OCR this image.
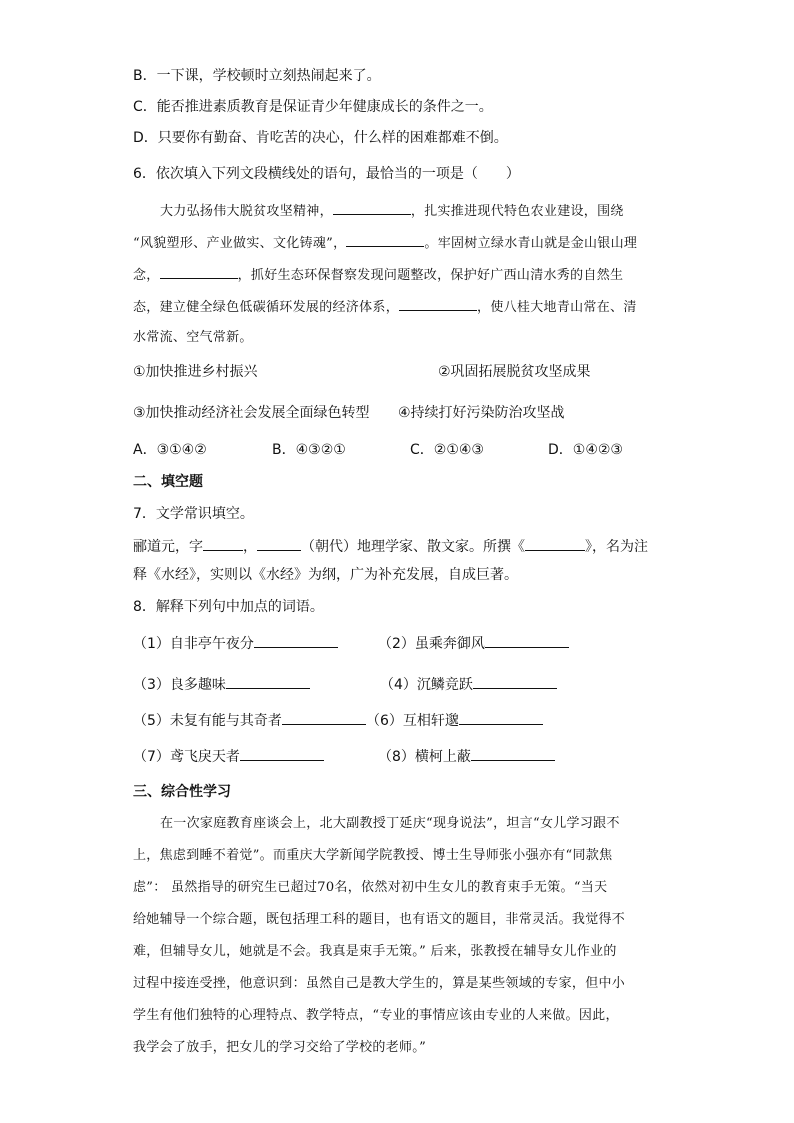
B．一下课，学校顿时立刻热闹起来了。
C．能否推进素质教育是保证青少年健康成长的条件之一。
D．只要你有勤奋、肯吃苦的决心，什么样的困难都难不倒。
6．依次填入下列文段横线处的语句，最恰当的一项是（　　）
大力弘扬伟大脱贫攻坚精神，	，扎实推进现代特色农业建设，围绕
“风貌塑形、产业做实、文化铸魂”，	。牢固树立绿水青山就是金山银山理
念，	，抓好生态环保督察发现问题整改，保护好广西山清水秀的自然生
态，建立健全绿色低碳循环发展的经济体系，	，使八桂大地青山常在、清
水常流、空气常新。
①加快推进乡村振兴	②巩固拓展脱贫攻坚成果
③加快推动经济社会发展全面绿色转型 ④持续打好污染防治攻坚战
A．③①④②	B．④③②①	C．②①④③	D．①④②③
二、填空题
7．文学常识填空。
郦道元，字	，	（朝代）地理学家、散文家。所撰《	》，名为注
释《水经》，实则以《水经》为纲，广为补充发展，自成巨著。
8．解释下列句中加点的词语。
（1）自非亭午夜分	（2）虽乘奔御风
（3）良多趣味	（4）沉鳞竞跃
（5）未复有能与其奇者	（6）互相轩邈
（7）鸢飞戾天者	（8）横柯上蔽
三、综合性学习
在一次家庭教育座谈会上，北大副教授丁延庆“现身说法”，坦言“女儿学习跟不
上，焦虑到睡不着觉”。而重庆大学新闻学院教授、博士生导师张小强亦有“同款焦
虑”： 虽然指导的研究生已超过70名，依然对初中生女儿的教育束手无策。“当天
给她辅导一个综合题，既包括理工科的题目，也有语文的题目，非常灵活。我觉得不
难，但辅导女儿，她就是不会。我真是束手无策。” 后来，张教授在辅导女儿作业的
过程中接连受挫，他意识到：虽然自己是教大学生的，算是某些领域的专家，但中小
学生有他们独特的心理特点、教学特点，“专业的事情应该由专业的人来做。因此，
我学会了放手，把女儿的学习交给了学校的老师。”
